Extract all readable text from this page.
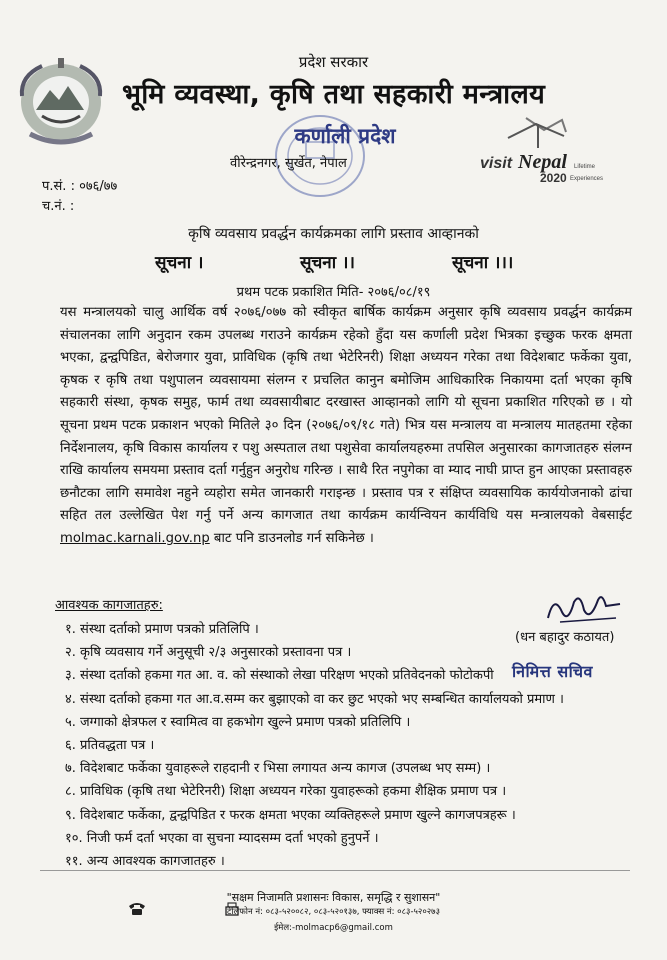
प्रदेश सरकार
भूमि व्यवस्था, कृषि तथा सहकारी मन्त्रालय
कर्णाली प्रदेश
वीरेन्द्रनगर, सुर्खेत, नेपाल	visit Nepal Lifetime
2020 Experiences
प.सं. : ०७६/७७
च.नं. :
कृषि व्यवसाय प्रवर्द्धन कार्यक्रमका लागि प्रस्ताव आव्हानको
सूचना ।	सूचना ।।	सूचना ।।।
प्रथम पटक प्रकाशित मिति- २०७६/०८/१९

यस मन्त्रालयको चालु आर्थिक वर्ष २०७६/०७७ को स्वीकृत बार्षिक कार्यक्रम अनुसार कृषि व्यवसाय प्रवर्द्धन कार्यक्रम संचालनका लागि अनुदान रकम उपलब्ध गराउने कार्यक्रम रहेको हुँदा यस कर्णाली प्रदेश भित्रका इच्छुक फरक क्षमता भएका, द्वन्द्वपिडित, बेरोजगार युवा, प्राविधिक (कृषि तथा भेटेरिनरी) शिक्षा अध्ययन गरेका तथा विदेशबाट फर्केका युवा, कृषक र कृषि तथा पशुपालन व्यवसायमा संलग्न र प्रचलित कानुन बमोजिम आधिकारिक निकायमा दर्ता भएका कृषि सहकारी संस्था, कृषक समुह, फार्म तथा व्यवसायीबाट दरखास्त आव्हानको लागि यो सूचना प्रकाशित गरिएको छ । यो सूचना प्रथम पटक प्रकाशन भएको मितिले ३० दिन (२०७६/०९/१८ गते) भित्र यस मन्त्रालय वा मन्त्रालय मातहतमा रहेका निर्देशनालय, कृषि विकास कार्यालय र पशु अस्पताल तथा पशुसेवा कार्यालयहरुमा तपसिल अनुसारका कागजातहरु संलग्न राखि कार्यालय समयमा प्रस्ताव दर्ता गर्नुहुन अनुरोध गरिन्छ । साथै रित नपुगेका वा म्याद नाघी प्राप्त हुन आएका प्रस्तावहरु छनौटका लागि समावेश नहुने व्यहोरा समेत जानकारी गराइन्छ । प्रस्ताव पत्र र संक्षिप्त व्यवसायिक कार्ययोजनाको ढांचा सहित तल उल्लेखित पेश गर्नु पर्ने अन्य कागजात तथा कार्यक्रम कार्यन्वियन कार्यविधि यस मन्त्रालयको वेबसाईट molmac.karnali.gov.np बाट पनि डाउनलोड गर्न सकिनेछ ।

आवश्यक कागजातहरु:
(धन बहादुर कठायत)
निमित्त सचिव
१. संस्था दर्ताको प्रमाण पत्रको प्रतिलिपि ।
२. कृषि व्यवसाय गर्ने अनुसूची २/३ अनुसारको प्रस्तावना पत्र ।
३. संस्था दर्ताको हकमा गत आ. व. को संस्थाको लेखा परिक्षण भएको प्रतिवेदनको फोटोकपी
४. संस्था दर्ताको हकमा गत आ.व.सम्म कर बुझाएको वा कर छुट भएको भए सम्बन्धित कार्यालयको प्रमाण ।
५. जग्गाको क्षेत्रफल र स्वामित्व वा हकभोग खुल्ने प्रमाण पत्रको प्रतिलिपि ।
६. प्रतिवद्धता पत्र ।
७. विदेशबाट फर्केका युवाहरूले राहदानी र भिसा लगायत अन्य कागज (उपलब्ध भए सम्म) ।
८. प्राविधिक (कृषि तथा भेटेरिनरी) शिक्षा अध्ययन गरेका युवाहरूको हकमा शैक्षिक प्रमाण पत्र ।
९. विदेशबाट फर्केका, द्वन्द्वपिडित र फरक क्षमता भएका व्यक्तिहरूले प्रमाण खुल्ने कागजपत्रहरू ।
१०. निजी फर्म दर्ता भएका वा सुचना म्यादसम्म दर्ता भएको हुनुपर्ने ।
११. अन्य आवश्यक कागजातहरु ।
"सक्षम निजामति प्रशासनः विकास, समृद्धि र सुशासन"
टेलिफोन नं: ०८३-५२००८२, ०८३-५२०१३७, फ्याक्स नं: ०८३-५२०२७३
ईमेल:-molmacp6@gmail.com
